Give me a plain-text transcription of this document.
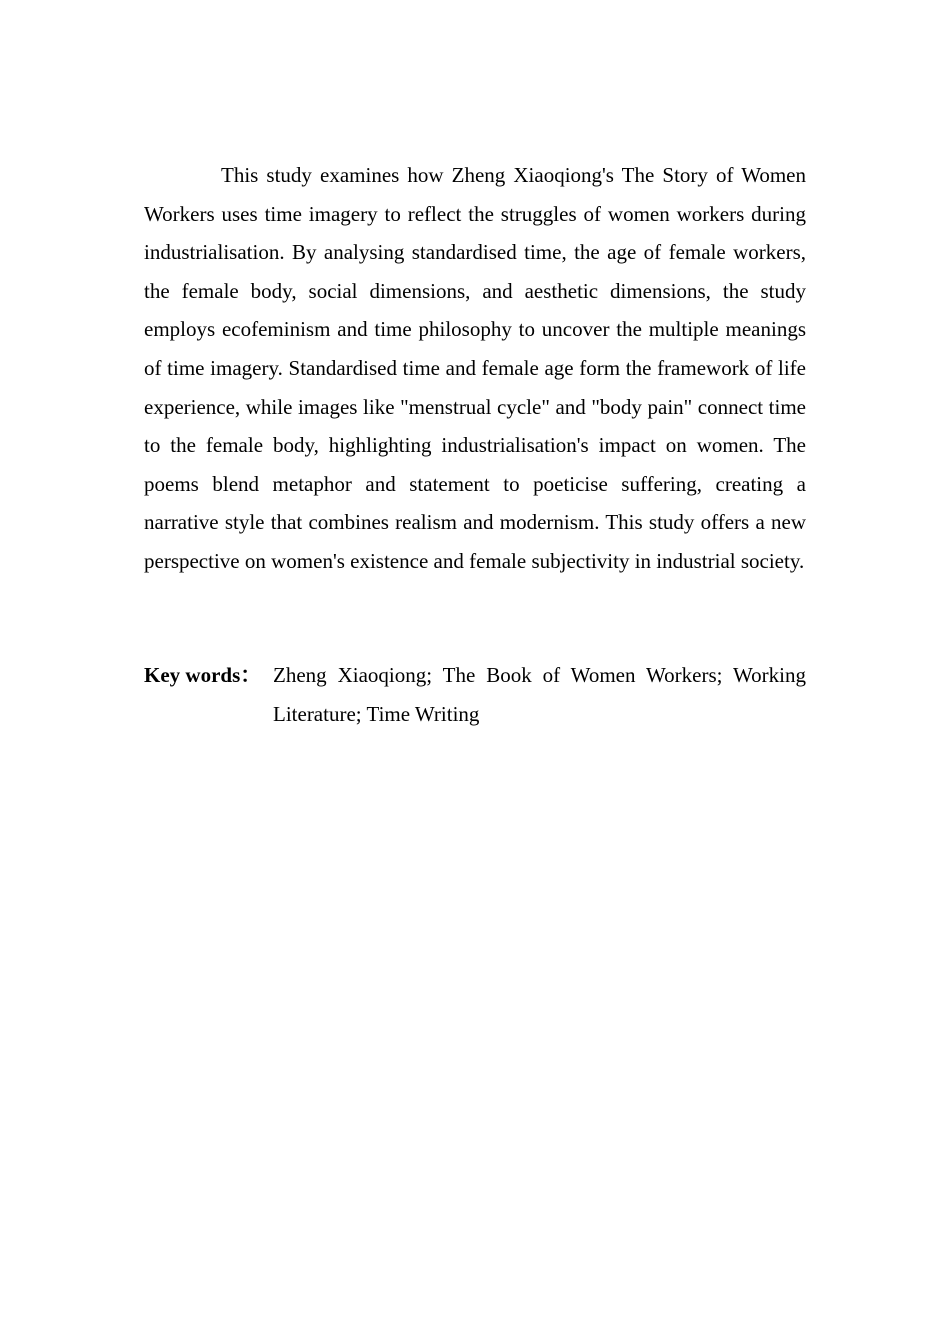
This study examines how Zheng Xiaoqiong's The Story of Women Workers uses time imagery to reflect the struggles of women workers during industrialisation. By analysing standardised time, the age of female workers, the female body, social dimensions, and aesthetic dimensions, the study employs ecofeminism and time philosophy to uncover the multiple meanings of time imagery. Standardised time and female age form the framework of life experience, while images like "menstrual cycle" and "body pain" connect time to the female body, highlighting industrialisation's impact on women. The poems blend metaphor and statement to poeticise suffering, creating a narrative style that combines realism and modernism. This study offers a new perspective on women's existence and female subjectivity in industrial society.

Key words： Zheng Xiaoqiong; The Book of Women Workers; Working Literature; Time Writing
